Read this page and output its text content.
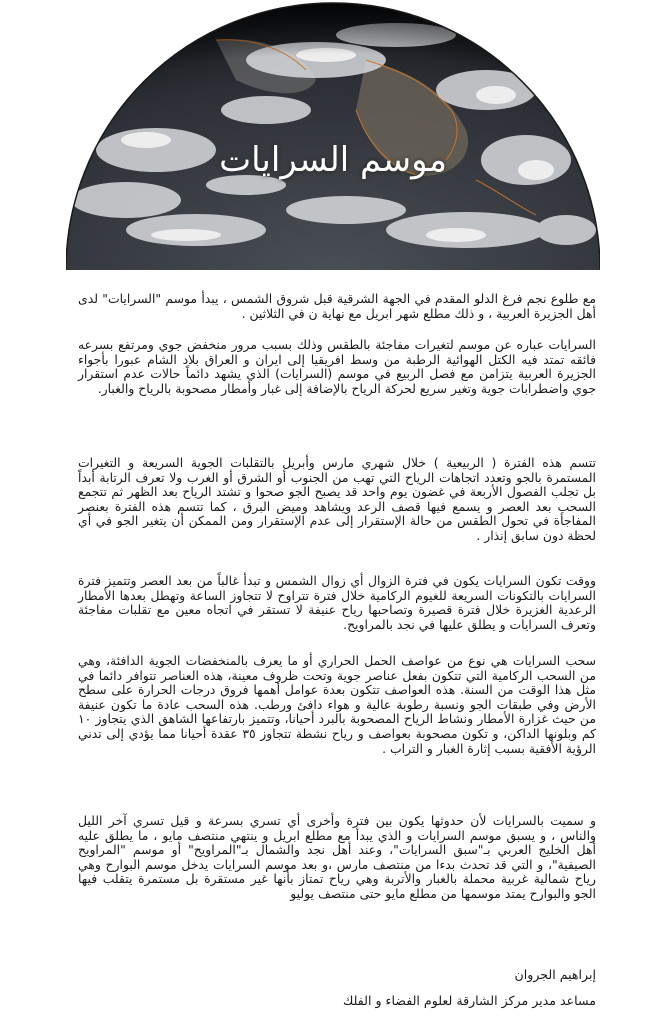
موسم السرايات

مع طلوع نجم فرغ الدلو المقدم في الجهة الشرقية قبل شروق الشمس ، يبدأ موسم "السرايات" لدى أهل الجزيرة العربية ، و ذلك مطلع شهر ابريل مع نهاية ن في الثلاثين .

السرايات عباره عن موسم لتغيرات مفاجئة بالطقس وذلك بسبب مرور منخفض جوي ومرتفع بسرعه فائقه تمتد فيه الكتل الهوائية الرطبة من وسط افريقيا إلى ايران و العراق بلاد الشام عبورا بأجواء الجزيرة العربية يتزامن مع فصل الربيع في موسم (السرايات) الذي يشهد دائماً حالات عدم استقرار جوي واضطرابات جوية وتغير سريع لحركة الرياح بالإضافة إلى غبار وأمطار مصحوبة بالرياح والغبار.

تتسم هذه الفترة ( الربيعية ) خلال شهري مارس وأبريل بالتقلبات الجوية السريعة و التغيرات المستمرة بالجو وتعدد اتجاهات الرياح التي تهب من الجنوب أو الشرق أو الغرب ولا تعرف الرتابة أبداً بل تجلب الفصول الأربعة في غضون يوم واحد قد يصبح الجو صحوا و تشتد الرياح بعد الظهر ثم تتجمع السحب بعد العصر و يسمع فيها قصف الرعد ويشاهد وميض البرق ، كما تتسم هذه الفترة بعنصر المفاجأة في تحول الطقس من حالة الإستقرار إلى عدم الإستقرار ومن الممكن أن يتغير الجو في أي لحظة دون سابق إنذار .

ووقت تكون السرايات يكون في فترة الزوال أي زوال الشمس و تبدأ غالباً من بعد العصر وتتميز فترة السرايات بالتكونات السريعة للغيوم الركامية خلال فترة تتراوح لا تتجاوز الساعة وتهطل بعدها الأمطار الرعدية الغزيرة خلال فترة قصيرة وتصاحبها رياح عنيفة لا تستقر في اتجاه معين مع تقلبات مفاجئة وتعرف السرايات و يطلق عليها في نجد بالمراويح.

سحب السرايات هي نوع من عواصف الحمل الحراري أو ما يعرف بالمنخفضات الجوية الدافئة، وهي من السحب الركامية التي تتكون بفعل عناصر جوية وتحت ظروف معينة، هذه العناصر تتوافر دائما في مثل هذا الوقت من السنة. هذه العواصف تتكون بعدة عوامل أهمها فروق درجات الحرارة على سطح الأرض وفي طبقات الجو ونسبة رطوبة عالية و هواء دافئ ورطب. هذه السحب عادة ما تكون عنيفة من حيث غزارة الأمطار ونشاط الرياح المصحوبة بالبرد أحيانا، وتتميز بارتفاعها الشاهق الذي يتجاوز ١٠ كم وبلونها الداكن، و تكون مصحوبة بعواصف و رياح نشطة تتجاوز ٣٥ عقدة أحيانا مما يؤدي إلى تدني الرؤية الأفقية بسبب إثارة الغبار و التراب .

و سميت بالسرايات لأن حدوثها يكون بين فترة وأخرى أي تسري بسرعة و قيل تسري آخر الليل والناس ، و يسبق موسم السرايات و الذي يبدأ مع مطلع ابريل و ينتهي منتصف مايو ، ما يطلق عليه أهل الخليج العربي بـ"سبق السرايات"، وعند أهل نجد والشمال بـ"المراويح" أو موسم "المراويح الصيفية"، و التي قد تحدث بدءا من منتصف مارس ،و بعد موسم السرايات يدخل موسم البوارح وهي رياح شمالية غربية محملة بالغبار والأتربة وهي رياح تمتاز بأنها غير مستقرة بل مستمرة يتقلب فيها الجو والبوارح يمتد موسمها من مطلع مايو حتى منتصف يوليو

إبراهيم الجروان
مساعد مدير مركز الشارقة لعلوم الفضاء و الفلك
